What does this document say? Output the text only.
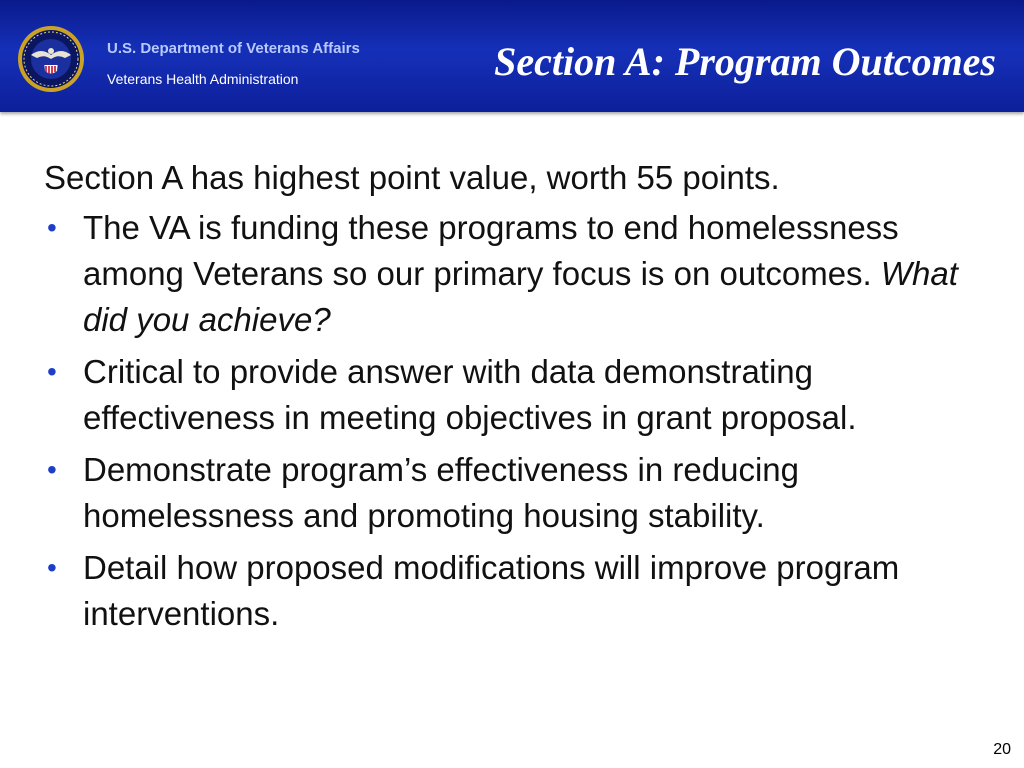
U.S. Department of Veterans Affairs
Veterans Health Administration	Section A: Program Outcomes

Section A has highest point value, worth 55 points.

• The VA is funding these programs to end homelessness among Veterans so our primary focus is on outcomes. What did you achieve?
• Critical to provide answer with data demonstrating effectiveness in meeting objectives in grant proposal.
• Demonstrate program’s effectiveness in reducing homelessness and promoting housing stability.
• Detail how proposed modifications will improve program interventions.
20
